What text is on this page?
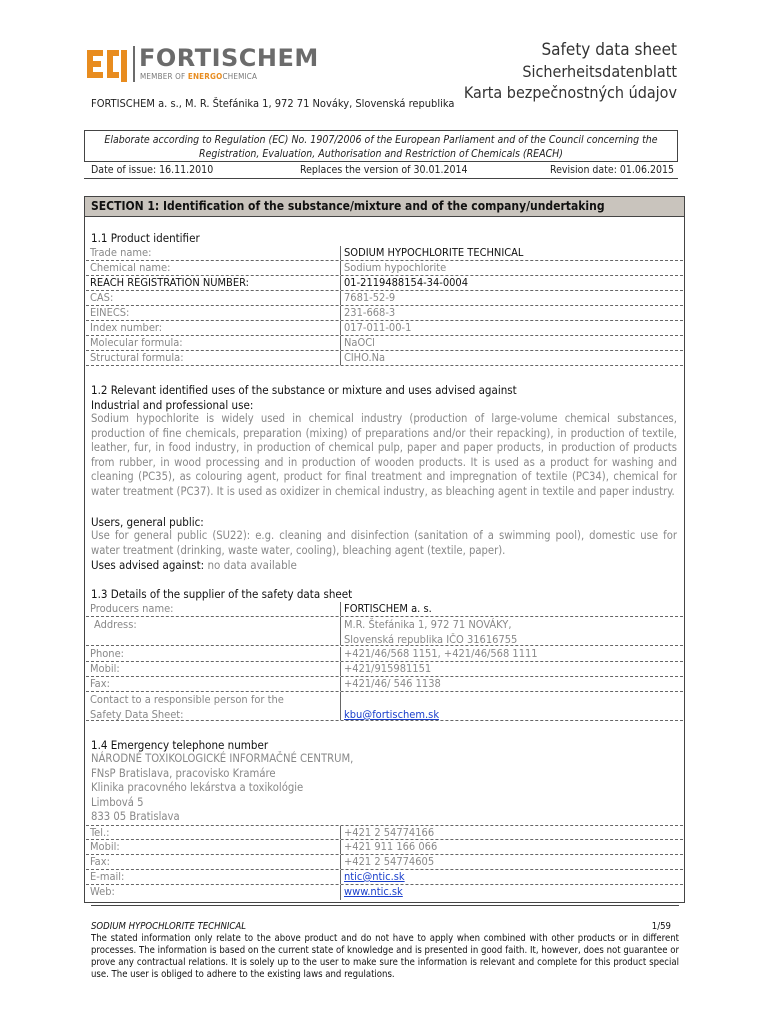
FORTISCHEM
MEMBER OF ENERGOCHEMICA
Safety data sheet
Sicherheitsdatenblatt
Karta bezpečnostných údajov
FORTISCHEM a. s., M. R. Štefánika 1, 972 71 Nováky, Slovenská republika
Elaborate according to Regulation (EC) No. 1907/2006 of the European Parliament and of the Council concerning the
Registration, Evaluation, Authorisation and Restriction of Chemicals (REACH)
Date of issue: 16.11.2010	Replaces the version of 30.01.2014	Revision date: 01.06.2015
SECTION 1: Identification of the substance/mixture and of the company/undertaking
1.1 Product identifier
Trade name:	SODIUM HYPOCHLORITE TECHNICAL
Chemical name:	Sodium hypochlorite
REACH REGISTRATION NUMBER:	01-2119488154-34-0004
CAS:	7681-52-9
EINECS:	231-668-3
Index number:	017-011-00-1
Molecular formula:	NaOCl
Structural formula:	ClHO.Na
1.2 Relevant identified uses of the substance or mixture and uses advised against
Industrial and professional use:
Sodium hypochlorite is widely used in chemical industry (production of large-volume chemical substances, production of fine chemicals, preparation (mixing) of preparations and/or their repacking), in production of textile, leather, fur, in food industry, in production of chemical pulp, paper and paper products, in production of products from rubber, in wood processing and in production of wooden products. It is used as a product for washing and cleaning (PC35), as colouring agent, product for final treatment and impregnation of textile (PC34), chemical for water treatment (PC37). It is used as oxidizer in chemical industry, as bleaching agent in textile and paper industry.
Users, general public:
Use for general public (SU22): e.g. cleaning and disinfection (sanitation of a swimming pool), domestic use for water treatment (drinking, waste water, cooling), bleaching agent (textile, paper).
Uses advised against: no data available
1.3 Details of the supplier of the safety data sheet
Producers name:	FORTISCHEM a. s.
Address:	M.R. Štefánika 1, 972 71 NOVÁKY,
Slovenská republika IČO 31616755
Phone:	+421/46/568 1151, +421/46/568 1111
Mobil:	+421/915981151
Fax:	+421/46/ 546 1138
Contact to a responsible person for the
Safety Data Sheet:	kbu@fortischem.sk
1.4 Emergency telephone number
NÁRODNÉ TOXIKOLOGICKÉ INFORMAČNÉ CENTRUM,
FNsP Bratislava, pracovisko Kramáre
Klinika pracovného lekárstva a toxikológie
Limbová 5
833 05 Bratislava
Tel.:	+421 2 54774166
Mobil:	+421 911 166 066
Fax:	+421 2 54774605
E-mail:	ntic@ntic.sk
Web:	www.ntic.sk
SODIUM HYPOCHLORITE TECHNICAL	1/59
The stated information only relate to the above product and do not have to apply when combined with other products or in different processes. The information is based on the current state of knowledge and is presented in good faith. It, however, does not guarantee or prove any contractual relations. It is solely up to the user to make sure the information is relevant and complete for this product special use. The user is obliged to adhere to the existing laws and regulations.
